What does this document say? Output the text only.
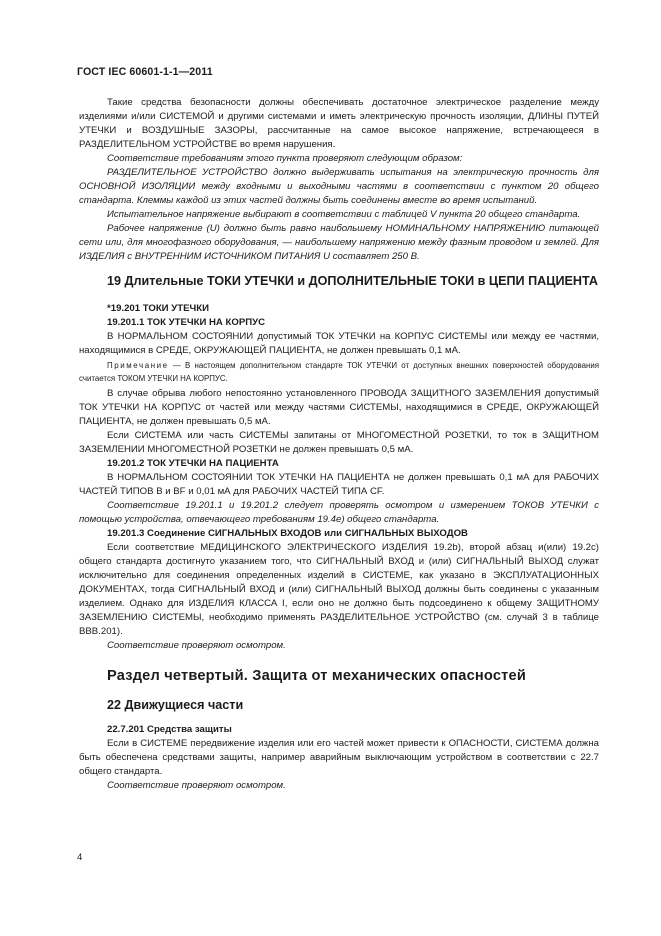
ГОСТ IEC 60601-1-1—2011

Такие средства безопасности должны обеспечивать достаточное электрическое разделение между изделиями и/или СИСТЕМОЙ и другими системами и иметь электрическую прочность изоляции, ДЛИНЫ ПУТЕЙ УТЕЧКИ и ВОЗДУШНЫЕ ЗАЗОРЫ, рассчитанные на самое высокое напряжение, встречающееся в РАЗДЕЛИТЕЛЬНОМ УСТРОЙСТВЕ во время нарушения.

Соответствие требованиям этого пункта проверяют следующим образом:

РАЗДЕЛИТЕЛЬНОЕ УСТРОЙСТВО должно выдерживать испытания на электрическую прочность для ОСНОВНОЙ ИЗОЛЯЦИИ между входными и выходными частями в соответствии с пунктом 20 общего стандарта. Клеммы каждой из этих частей должны быть соединены вместе во время испытаний.

Испытательное напряжение выбирают в соответствии с таблицей V пункта 20 общего стандарта.

Рабочее напряжение (U) должно быть равно наибольшему НОМИНАЛЬНОМУ НАПРЯЖЕНИЮ питающей сети или, для многофазного оборудования, — наибольшему напряжению между фазным проводом и землей. Для ИЗДЕЛИЯ с ВНУТРЕННИМ ИСТОЧНИКОМ ПИТАНИЯ U составляет 250 В.

19 Длительные ТОКИ УТЕЧКИ и ДОПОЛНИТЕЛЬНЫЕ ТОКИ в ЦЕПИ ПАЦИЕНТА

*19.201 ТОКИ УТЕЧКИ

19.201.1 ТОК УТЕЧКИ НА КОРПУС

В НОРМАЛЬНОМ СОСТОЯНИИ допустимый ТОК УТЕЧКИ на КОРПУС СИСТЕМЫ или между ее частями, находящимися в СРЕДЕ, ОКРУЖАЮЩЕЙ ПАЦИЕНТА, не должен превышать 0,1 мА.

Примечание — В настоящем дополнительном стандарте ТОК УТЕЧКИ от доступных внешних поверхностей оборудования считается ТОКОМ УТЕЧКИ НА КОРПУС.

В случае обрыва любого непостоянно установленного ПРОВОДА ЗАЩИТНОГО ЗАЗЕМЛЕНИЯ допустимый ТОК УТЕЧКИ НА КОРПУС от частей или между частями СИСТЕМЫ, находящимися в СРЕДЕ, ОКРУЖАЮЩЕЙ ПАЦИЕНТА, не должен превышать 0,5 мА.

Если СИСТЕМА или часть СИСТЕМЫ запитаны от МНОГОМЕСТНОЙ РОЗЕТКИ, то ток в ЗАЩИТНОМ ЗАЗЕМЛЕНИИ МНОГОМЕСТНОЙ РОЗЕТКИ не должен превышать 0,5 мА.

19.201.2 ТОК УТЕЧКИ НА ПАЦИЕНТА

В НОРМАЛЬНОМ СОСТОЯНИИ ТОК УТЕЧКИ НА ПАЦИЕНТА не должен превышать 0,1 мА для РАБОЧИХ ЧАСТЕЙ ТИПОВ В и BF и 0,01 мА для РАБОЧИХ ЧАСТЕЙ ТИПА CF.

Соответствие 19.201.1 и 19.201.2 следует проверять осмотром и измерением ТОКОВ УТЕЧКИ с помощью устройства, отвечающего требованиям 19.4е) общего стандарта.

19.201.3 Соединение СИГНАЛЬНЫХ ВХОДОВ или СИГНАЛЬНЫХ ВЫХОДОВ

Если соответствие МЕДИЦИНСКОГО ЭЛЕКТРИЧЕСКОГО ИЗДЕЛИЯ 19.2b), второй абзац и(или) 19.2с) общего стандарта достигнуто указанием того, что СИГНАЛЬНЫЙ ВХОД и (или) СИГНАЛЬНЫЙ ВЫХОД служат исключительно для соединения определенных изделий в СИСТЕМЕ, как указано в ЭКСПЛУАТАЦИОННЫХ ДОКУМЕНТАХ, тогда СИГНАЛЬНЫЙ ВХОД и (или) СИГНАЛЬНЫЙ ВЫХОД должны быть соединены с указанным изделием. Однако для ИЗДЕЛИЯ КЛАССА I, если оно не должно быть подсоединено к общему ЗАЩИТНОМУ ЗАЗЕМЛЕНИЮ СИСТЕМЫ, необходимо применять РАЗДЕЛИТЕЛЬНОЕ УСТРОЙСТВО (см. случай 3 в таблице ВВВ.201).

Соответствие проверяют осмотром.

Раздел четвертый. Защита от механических опасностей
22 Движущиеся части

22.7.201 Средства защиты

Если в СИСТЕМЕ передвижение изделия или его частей может привести к ОПАСНОСТИ, СИСТЕМА должна быть обеспечена средствами защиты, например аварийным выключающим устройством в соответствии с 22.7 общего стандарта.

Соответствие проверяют осмотром.

4
